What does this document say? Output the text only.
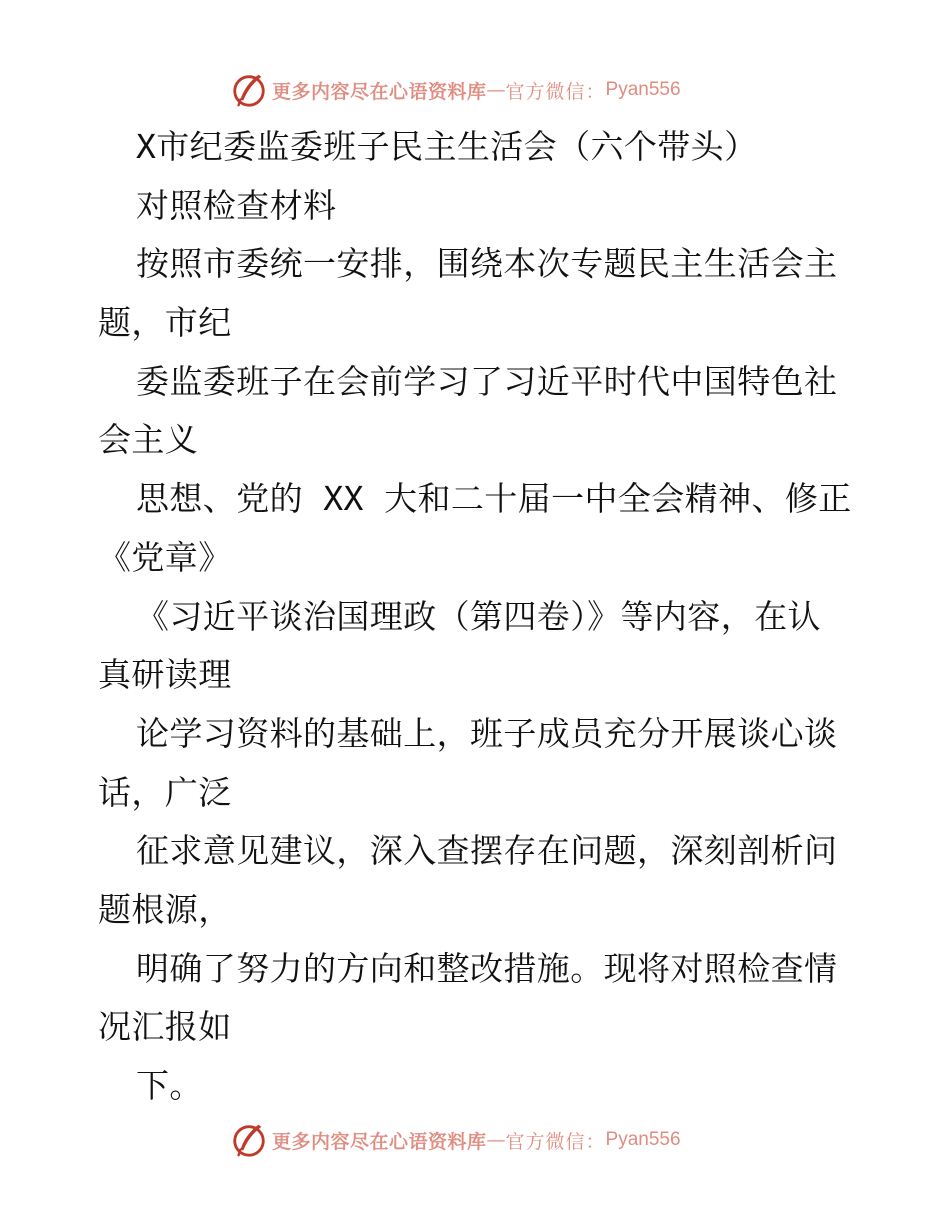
更多内容尽在心语资料库 — 官方微信： Pyan556
X市纪委监委班子民主生活会（六个带头）
对照检查材料
按照市委统一安排，围绕本次专题民主生活会主
题，市纪
委监委班子在会前学习了习近平时代中国特色社
会主义
思想、党的 XX 大和二十届一中全会精神、修正
《党章》
《习近平谈治国理政（第四卷）》等内容，在认
真研读理
论学习资料的基础上，班子成员充分开展谈心谈
话，广泛
征求意见建议，深入查摆存在问题，深刻剖析问
题根源，
明确了努力的方向和整改措施。现将对照检查情
况汇报如
下。
更多内容尽在心语资料库 — 官方微信： Pyan556
